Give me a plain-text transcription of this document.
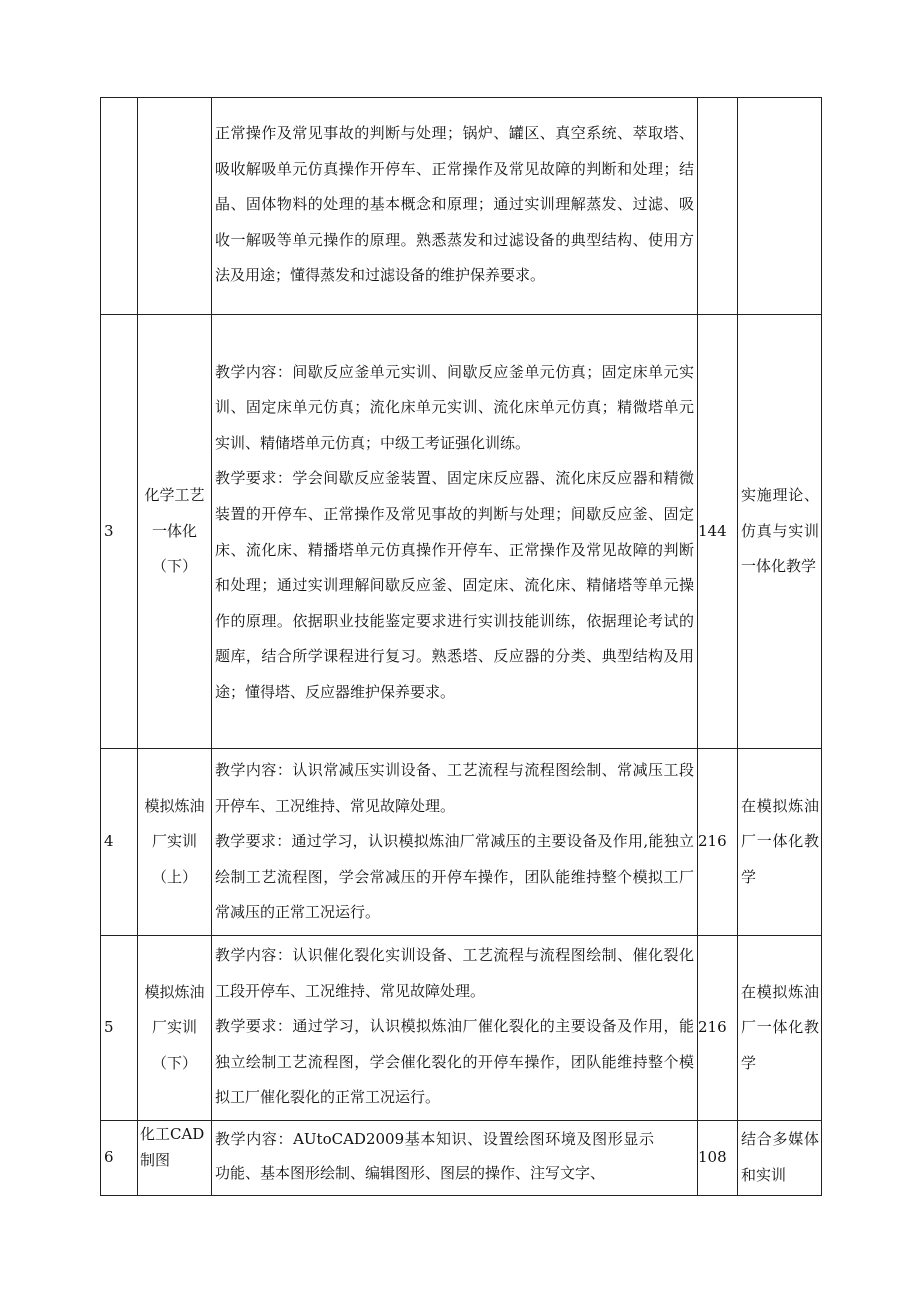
		正常操作及常见事故的判断与处理；锅炉、罐区、真空系统、萃取塔、吸收解吸单元仿真操作开停车、正常操作及常见故障的判断和处理；结晶、固体物料的处理的基本概念和原理；通过实训理解蒸发、过滤、吸收一解吸等单元操作的原理。熟悉蒸发和过滤设备的典型结构、使用方法及用途；懂得蒸发和过滤设备的维护保养要求。		

3	化学工艺一体化（下）	教学内容：间歇反应釜单元实训、间歇反应釜单元仿真；固定床单元实训、固定床单元仿真；流化床单元实训、流化床单元仿真；精微塔单元实训、精储塔单元仿真；中级工考证强化训练。
教学要求：学会间歇反应釜装置、固定床反应器、流化床反应器和精微装置的开停车、正常操作及常见事故的判断与处理；间歇反应釜、固定床、流化床、精播塔单元仿真操作开停车、正常操作及常见故障的判断和处理；通过实训理解间歇反应釜、固定床、流化床、精储塔等单元操作的原理。依据职业技能鉴定要求进行实训技能训练，依据理论考试的题库，结合所学课程进行复习。熟悉塔、反应器的分类、典型结构及用途；懂得塔、反应器维护保养要求。	144	实施理论、仿真与实训一体化教学
4	模拟炼油厂实训（上）	教学内容：认识常减压实训设备、工艺流程与流程图绘制、常减压工段开停车、工况维持、常见故障处理。
教学要求：通过学习，认识模拟炼油厂常减压的主要设备及作用,能独立绘制工艺流程图，学会常减压的开停车操作，团队能维持整个模拟工厂常减压的正常工况运行。	216	在模拟炼油厂一体化教学
5	模拟炼油厂实训（下）	教学内容：认识催化裂化实训设备、工艺流程与流程图绘制、催化裂化工段开停车、工况维持、常见故障处理。
教学要求：通过学习，认识模拟炼油厂催化裂化的主要设备及作用，能独立绘制工艺流程图，学会催化裂化的开停车操作，团队能维持整个模拟工厂催化裂化的正常工况运行。	216	在模拟炼油厂一体化教学
6	化工CAD制图	教学内容：AUtoCAD2009基本知识、设置绘图环境及图形显示功能、基本图形绘制、编辑图形、图层的操作、注写文字、	108	结合多媒体和实训
